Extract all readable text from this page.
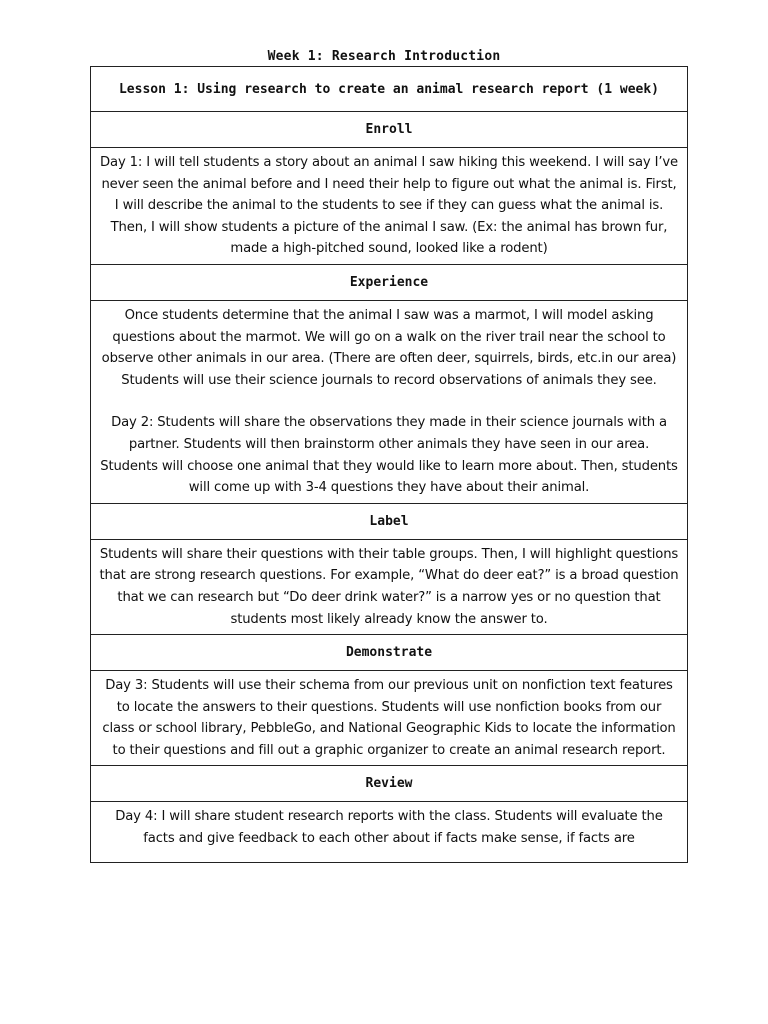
Week 1: Research Introduction
Lesson 1: Using research to create an animal research report (1 week)
Enroll

Day 1: I will tell students a story about an animal I saw hiking this weekend. I will say I’ve never seen the animal before and I need their help to figure out what the animal is. First, I will describe the animal to the students to see if they can guess what the animal is. Then, I will show students a picture of the animal I saw. (Ex: the animal has brown fur, made a high-pitched sound, looked like a rodent)

Experience

Once students determine that the animal I saw was a marmot, I will model asking questions about the marmot. We will go on a walk on the river trail near the school to observe other animals in our area. (There are often deer, squirrels, birds, etc.in our area) Students will use their science journals to record observations of animals they see.

Day 2: Students will share the observations they made in their science journals with a partner. Students will then brainstorm other animals they have seen in our area. Students will choose one animal that they would like to learn more about. Then, students will come up with 3-4 questions they have about their animal.

Label

Students will share their questions with their table groups. Then, I will highlight questions that are strong research questions. For example, “What do deer eat?” is a broad question that we can research but “Do deer drink water?” is a narrow yes or no question that students most likely already know the answer to.

Demonstrate

Day 3: Students will use their schema from our previous unit on nonfiction text features to locate the answers to their questions. Students will use nonfiction books from our class or school library, PebbleGo, and National Geographic Kids to locate the information to their questions and fill out a graphic organizer to create an animal research report.

Review

Day 4: I will share student research reports with the class. Students will evaluate the facts and give feedback to each other about if facts make sense, if facts are
